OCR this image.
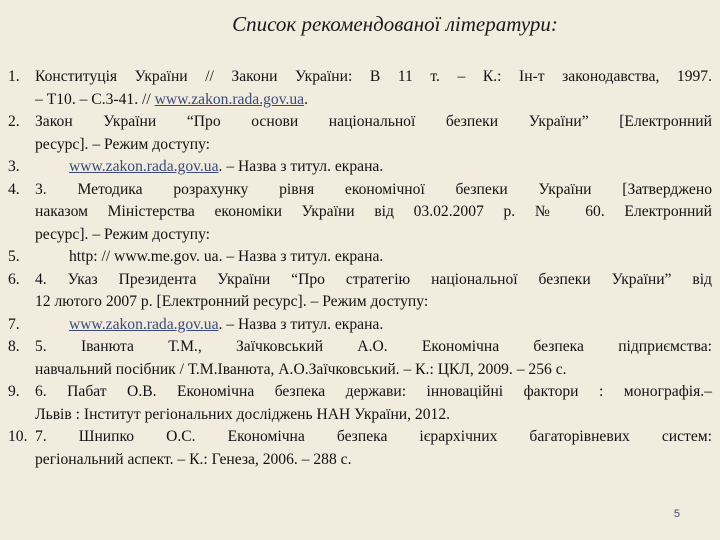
Список рекомендованої літератури:
1. Конституція України // Закони України: В 11 т. – К.: Ін-т законодавства, 1997.
– Т10. – С.3-41. // www.zakon.rada.gov.ua.
2. Закон України “Про основи національної безпеки України” [Електронний
ресурс]. – Режим доступу:
3.	www.zakon.rada.gov.ua. – Назва з титул. екрана.
4. 3. Методика розрахунку рівня економічної безпеки України [Затверджено
наказом Міністерства економіки України від 03.02.2007 р. № 60. Електронний
ресурс]. – Режим доступу:
5.	http: // www.me.gov. ua. – Назва з титул. екрана.
6. 4. Указ Президента України “Про стратегію національної безпеки України” від
12 лютого 2007 р. [Електронний ресурс]. – Режим доступу:
7.	www.zakon.rada.gov.ua. – Назва з титул. екрана.
8. 5. Іванюта Т.М., Заїчковський А.О. Економічна безпека підприємства:
навчальний посібник / Т.М.Іванюта, А.О.Заїчковський. – К.: ЦКЛ, 2009. – 256 с.
9. 6. Пабат О.В. Економічна безпека держави: інноваційні фактори : монографія.–
Львів : Інститут регіональних досліджень НАН України, 2012.
10. 7. Шнипко О.С. Економічна безпека ієрархічних багаторівневих систем:
регіональний аспект. – К.: Генеза, 2006. – 288 с.
5
